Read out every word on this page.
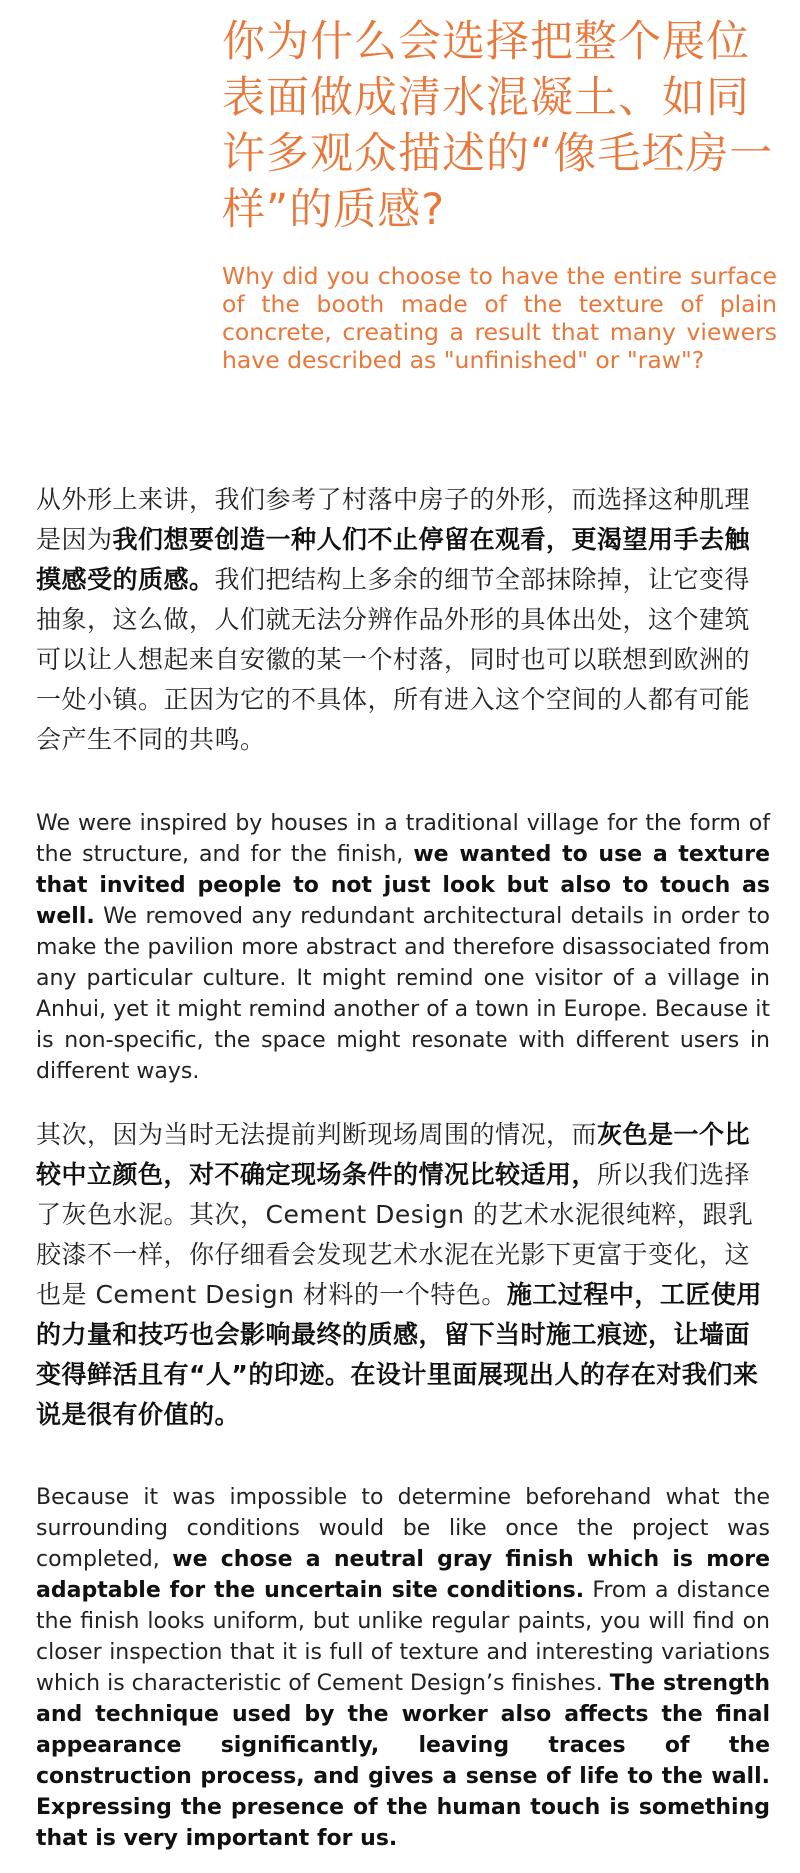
你为什么会选择把整个展位表面做成清水混凝土、如同许多观众描述的“像毛坯房一样”的质感?

Why did you choose to have the entire surface of the booth made of the texture of plain concrete, creating a result that many viewers have described as "unfinished" or "raw"?

从外形上来讲，我们参考了村落中房子的外形，而选择这种肌理是因为我们想要创造一种人们不止停留在观看，更渴望用手去触摸感受的质感。我们把结构上多余的细节全部抹除掉，让它变得抽象，这么做，人们就无法分辨作品外形的具体出处，这个建筑可以让人想起来自安徽的某一个村落，同时也可以联想到欧洲的一处小镇。正因为它的不具体，所有进入这个空间的人都有可能会产生不同的共鸣。

We were inspired by houses in a traditional village for the form of the structure, and for the finish, we wanted to use a texture that invited people to not just look but also to touch as well. We removed any redundant architectural details in order to make the pavilion more abstract and therefore disassociated from any particular culture. It might remind one visitor of a village in Anhui, yet it might remind another of a town in Europe. Because it is non-specific, the space might resonate with different users in different ways.

其次，因为当时无法提前判断现场周围的情况，而灰色是一个比较中立颜色，对不确定现场条件的情况比较适用，所以我们选择了灰色水泥。其次，Cement Design 的艺术水泥很纯粹，跟乳胶漆不一样，你仔细看会发现艺术水泥在光影下更富于变化，这也是 Cement Design 材料的一个特色。施工过程中，工匠使用的力量和技巧也会影响最终的质感，留下当时施工痕迹，让墙面变得鲜活且有“人”的印迹。在设计里面展现出人的存在对我们来说是很有价值的。

Because it was impossible to determine beforehand what the surrounding conditions would be like once the project was completed, we chose a neutral gray finish which is more adaptable for the uncertain site conditions. From a distance the finish looks uniform, but unlike regular paints, you will find on closer inspection that it is full of texture and interesting variations which is characteristic of Cement Design’s finishes. The strength and technique used by the worker also affects the final appearance significantly, leaving traces of the construction process, and gives a sense of life to the wall. Expressing the presence of the human touch is something that is very important for us.
